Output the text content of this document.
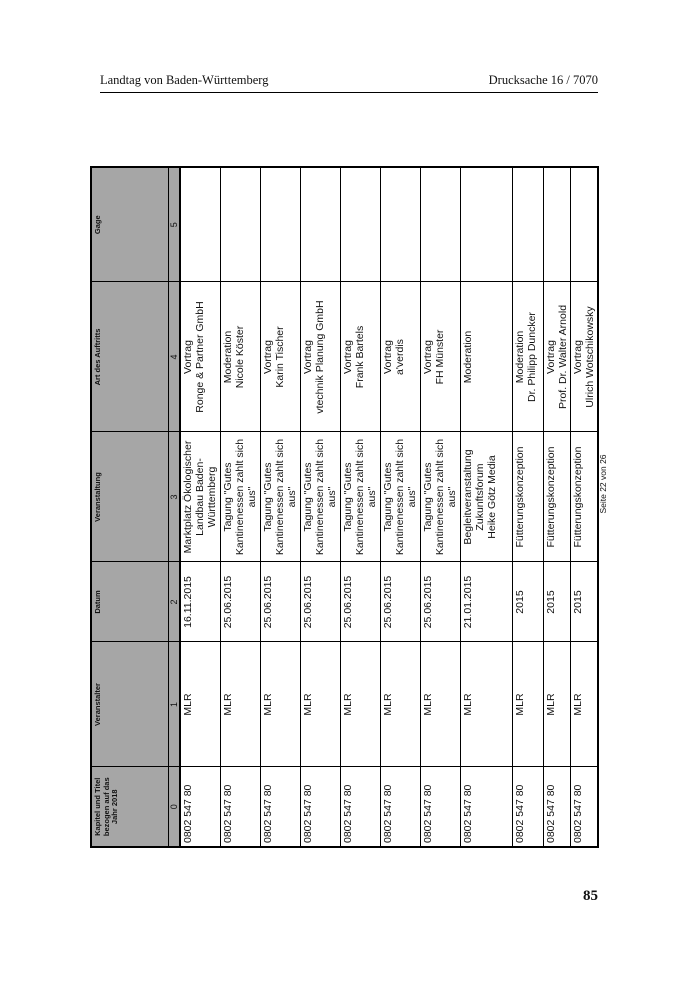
Landtag von Baden-Württemberg	Drucksache 16 / 7070
Kapitel und Titel bezogen auf das Jahr 2018	Veranstalter	Datum	Veranstaltung	Art des Auftritts	Gage
0	1	2	3	4	5
0802 547 80	MLR	16.11.2015	Marktplatz Ökologischer
Landbau Baden-Württemberg	Vortrag Ronge & Partner GmbH	

0802 547 80	MLR	25.06.2015	Tagung "Gutes
Kantinenessen zahlt sich aus"	Moderation Nicole Köster	

0802 547 80	MLR	25.06.2015	Tagung "Gutes
Kantinenessen zahlt sich aus"	Vortrag Karin Tischer	

0802 547 80	MLR	25.06.2015	Tagung "Gutes
Kantinenessen zahlt sich aus"	Vortrag vtechnik Planung GmbH	

0802 547 80	MLR	25.06.2015	Tagung "Gutes
Kantinenessen zahlt sich aus"	Vortrag Frank Bartels	

0802 547 80	MLR	25.06.2015	Tagung "Gutes
Kantinenessen zahlt sich aus"	Vortrag a'verdis	

0802 547 80	MLR	25.06.2015	Tagung "Gutes
Kantinenessen zahlt sich aus"	Vortrag FH Münster	

0802 547 80	MLR	21.01.2015	Begleitveranstaltung
Zukunftsforum
Heike Götz Media	Moderation	

0802 547 80	MLR	2015	Fütterungskonzeption	Moderation Dr. Philipp Duncker	

0802 547 80	MLR	2015	Fütterungskonzeption	Vortrag Prof. Dr. Walter Arnold	

0802 547 80	MLR	2015	Fütterungskonzeption	Vortrag Ulrich Wotschikowsky	

Seite 22 von 26
85
